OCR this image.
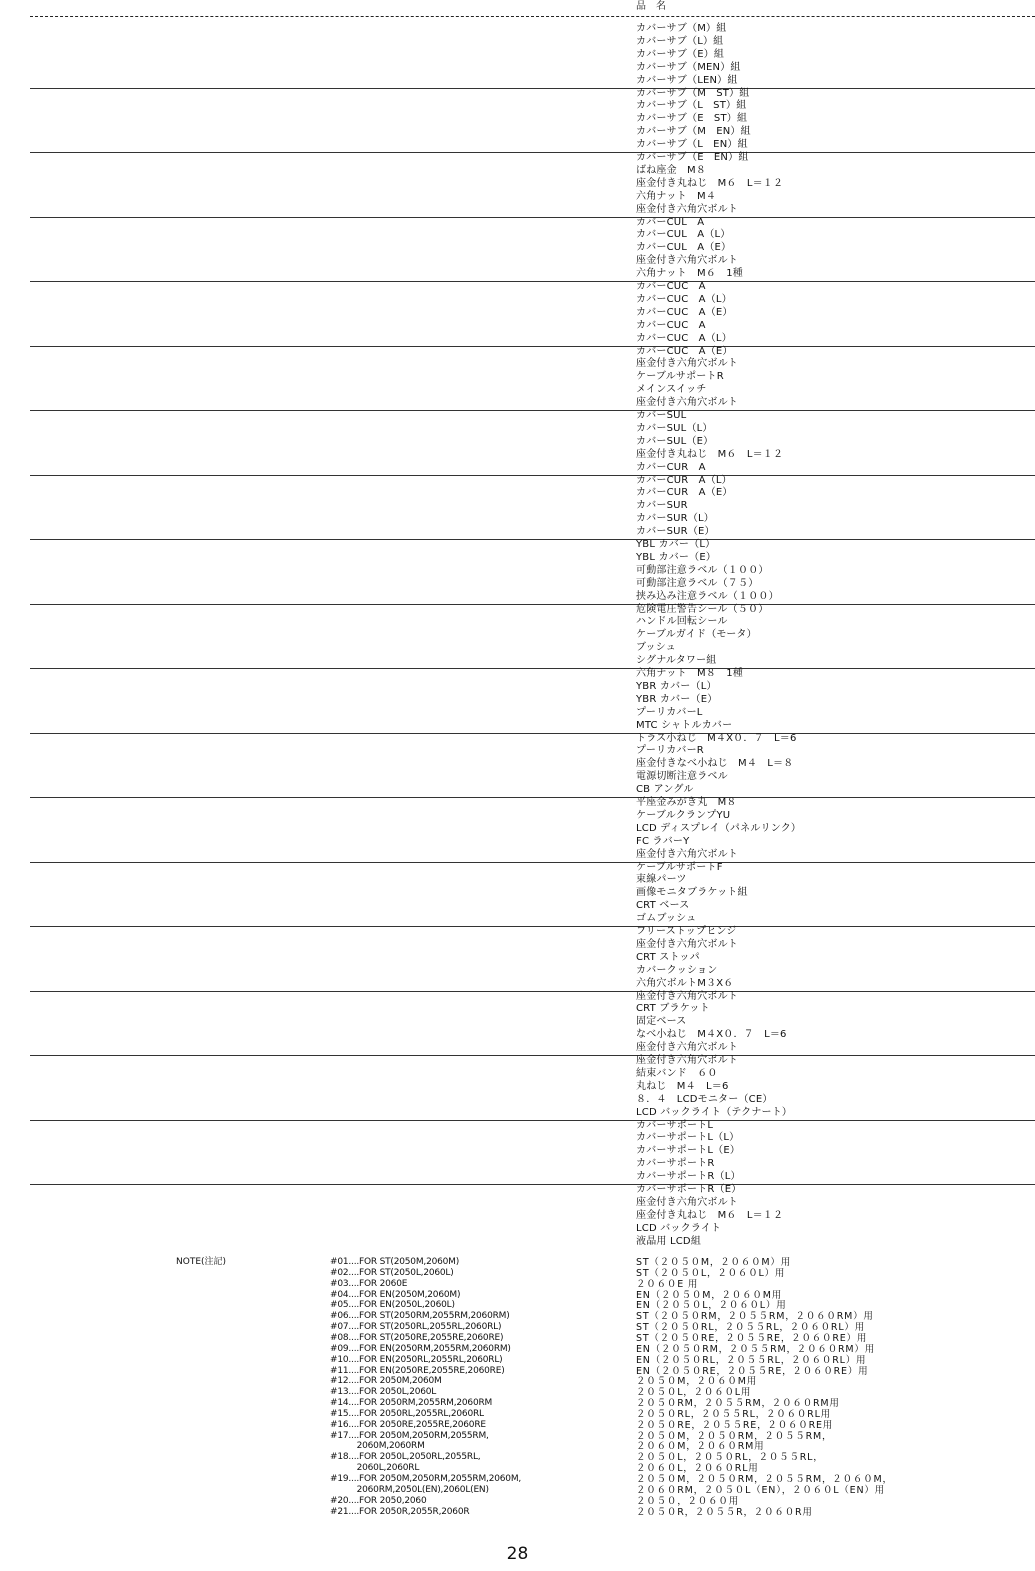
品　名
カバーサブ（M）組
カバーサブ（L）組
カバーサブ（E）組
カバーサブ（MEN）組
カバーサブ（LEN）組
カバーサブ（M　ST）組
カバーサブ（L　ST）組
カバーサブ（E　ST）組
カバーサブ（M　EN）組
カバーサブ（L　EN）組
カバーサブ（E　EN）組
ばね座金　M８
座金付き丸ねじ　M６　L＝１２
六角ナット　M４
座金付き六角穴ボルト
カバーCUL　A
カバーCUL　A（L）
カバーCUL　A（E）
座金付き六角穴ボルト
六角ナット　M６　1種
カバーCUC　A
カバーCUC　A（L）
カバーCUC　A（E）
カバーCUC　A
カバーCUC　A（L）
カバーCUC　A（E）
座金付き六角穴ボルト
ケーブルサポートR
メインスイッチ
座金付き六角穴ボルト
カバーSUL
カバーSUL（L）
カバーSUL（E）
座金付き丸ねじ　M６　L＝１２
カバーCUR　A
カバーCUR　A（L）
カバーCUR　A（E）
カバーSUR
カバーSUR（L）
カバーSUR（E）
YBL カバー（L）
YBL カバー（E）
可動部注意ラベル（１００）
可動部注意ラベル（７５）
挟み込み注意ラベル（１００）
危険電圧警告シール（５０）
ハンドル回転シール
ケーブルガイド（モータ）
ブッシュ
シグナルタワー組
六角ナット　M８　1種
YBR カバー（L）
YBR カバー（E）
プーリカバーL
MTC シャトルカバー
トラス小ねじ　M４X０．７　L＝6
プーリカバーR
座金付きなべ小ねじ　M４　L＝８
電源切断注意ラベル
CB アングル
平座金みがき丸　M８
ケーブルクランプYU
LCD ディスプレイ（パネルリンク）
FC ラバーY
座金付き六角穴ボルト
ケーブルサポートF
束線パーツ
画像モニタブラケット組
CRT ベース
ゴムブッシュ
フリーストップヒンジ
座金付き六角穴ボルト
CRT ストッパ
カバークッション
六角穴ボルトM３X６
座金付き六角穴ボルト
CRT ブラケット
固定ベース
なべ小ねじ　M４X０．７　L＝6
座金付き六角穴ボルト
座金付き六角穴ボルト
結束バンド　６０
丸ねじ　M４　L＝6
８．４　LCDモニター（CE）
LCD バックライト（テクナート）
カバーサポートL
カバーサポートL（L）
カバーサポートL（E）
カバーサポートR
カバーサポートR（L）
カバーサポートR（E）
座金付き六角穴ボルト
座金付き丸ねじ　M６　L＝１２
LCD バックライト
液晶用 LCD組
NOTE(注記)	#01....FOR ST(2050M,2060M)
#02....FOR ST(2050L,2060L)
#03....FOR 2060E
#04....FOR EN(2050M,2060M)
#05....FOR EN(2050L,2060L)
#06....FOR ST(2050RM,2055RM,2060RM)
#07....FOR ST(2050RL,2055RL,2060RL)
#08....FOR ST(2050RE,2055RE,2060RE)
#09....FOR EN(2050RM,2055RM,2060RM)
#10....FOR EN(2050RL,2055RL,2060RL)
#11....FOR EN(2050RE,2055RE,2060RE)
#12....FOR 2050M,2060M
#13....FOR 2050L,2060L
#14....FOR 2050RM,2055RM,2060RM
#15....FOR 2050RL,2055RL,2060RL
#16....FOR 2050RE,2055RE,2060RE
#17....FOR 2050M,2050RM,2055RM,
2060M,2060RM
#18....FOR 2050L,2050RL,2055RL,
2060L,2060RL
#19....FOR 2050M,2050RM,2055RM,2060M,
2060RM,2050L(EN),2060L(EN)
#20....FOR 2050,2060
#21....FOR 2050R,2055R,2060R
ST（２０５０M，２０６０M）用
ST（２０５０L，２０６０L）用
２０６０E 用
EN（２０５０M，２０６０M用
EN（２０５０L，２０６０L）用
ST（２０５０RM，２０５５RM，２０６０RM）用
ST（２０５０RL，２０５５RL，２０６０RL）用
ST（２０５０RE，２０５５RE，２０６０RE）用
EN（２０５０RM，２０５５RM，２０６０RM）用
EN（２０５０RL，２０５５RL，２０６０RL）用
EN（２０５０RE，２０５５RE，２０６０RE）用
２０５０M，２０６０M用
２０５０L，２０６０L用
２０５０RM，２０５５RM，２０６０RM用
２０５０RL，２０５５RL，２０６０RL用
２０５０RE，２０５５RE，２０６０RE用
２０５０M，２０５０RM，２０５５RM，
２０６０M，２０６０RM用
２０５０L，２０５０RL，２０５５RL，
２０６０L，２０６０RL用
２０５０M，２０５０RM，２０５５RM，２０６０M，
２０６０RM，２０５０L（EN），２０６０L（EN）用
２０５０，２０６０用
２０５０R，２０５５R，２０６０R用
28
